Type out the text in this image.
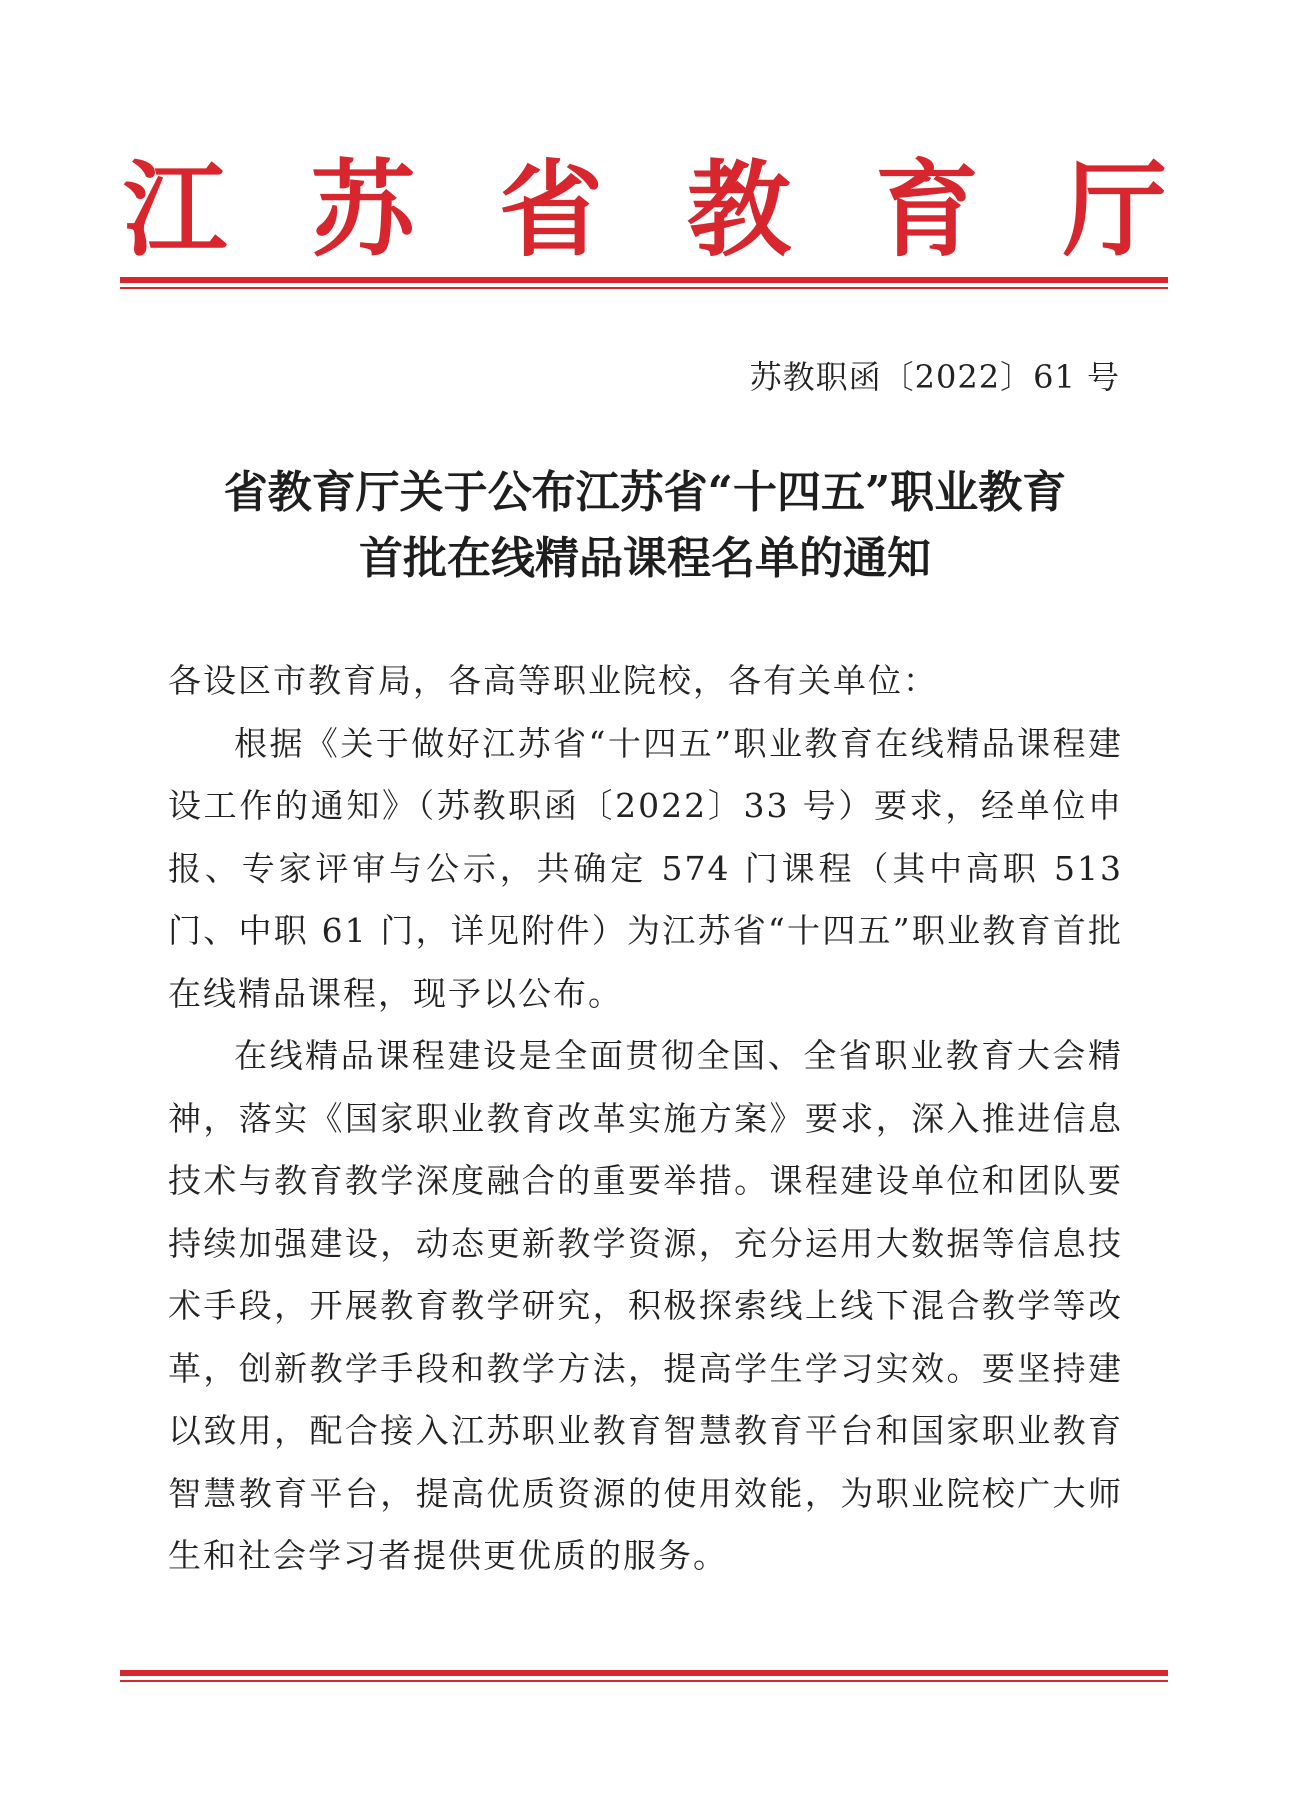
江 苏 省 教 育 厅
苏教职函〔2022〕61 号
省教育厅关于公布江苏省“十四五”职业教育
首批在线精品课程名单的通知

各设区市教育局，各高等职业院校，各有关单位：

根据《关于做好江苏省“十四五”职业教育在线精品课程建设工作的通知》（苏教职函〔2022〕33 号）要求，经单位申报、专家评审与公示，共确定 574 门课程（其中高职 513 门、中职 61 门，详见附件）为江苏省“十四五”职业教育首批在线精品课程，现予以公布。

在线精品课程建设是全面贯彻全国、全省职业教育大会精神，落实《国家职业教育改革实施方案》要求，深入推进信息技术与教育教学深度融合的重要举措。课程建设单位和团队要持续加强建设，动态更新教学资源，充分运用大数据等信息技术手段，开展教育教学研究，积极探索线上线下混合教学等改革，创新教学手段和教学方法，提高学生学习实效。要坚持建以致用，配合接入江苏职业教育智慧教育平台和国家职业教育智慧教育平台，提高优质资源的使用效能，为职业院校广大师生和社会学习者提供更优质的服务。
